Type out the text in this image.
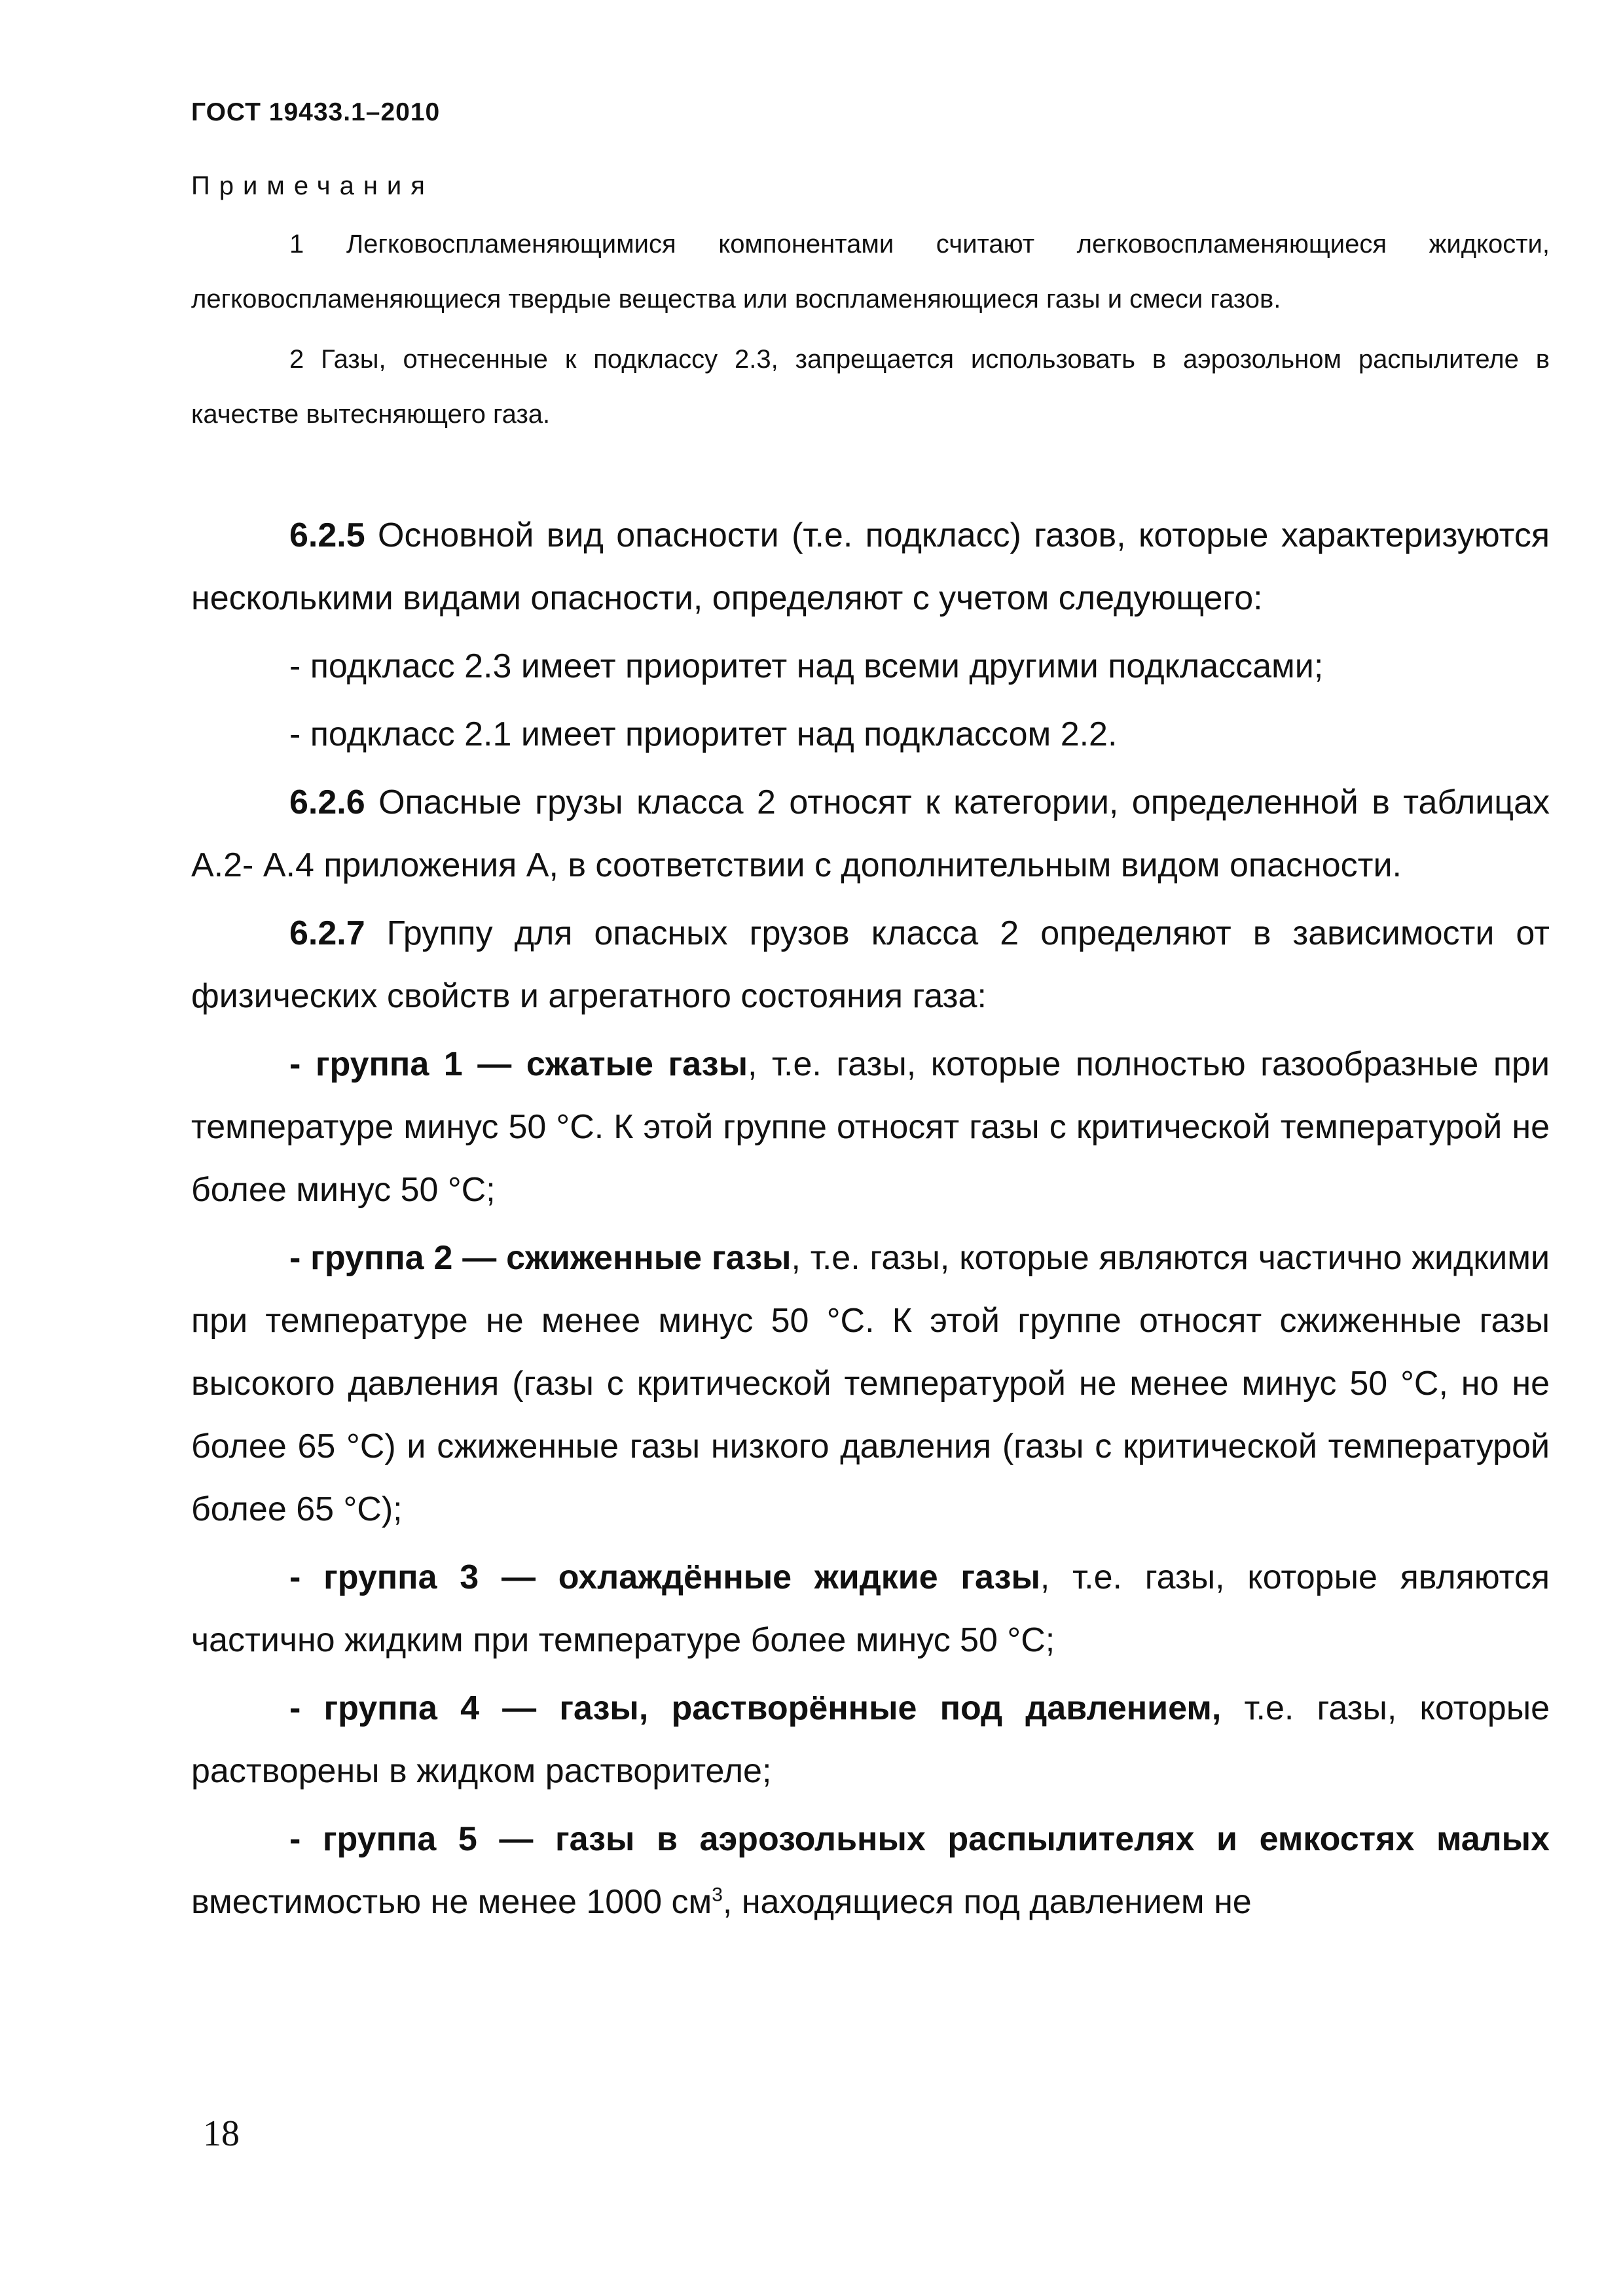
ГОСТ 19433.1–2010
Примечания

1 Легковоспламеняющимися компонентами считают легковоспламеняющиеся жидкости, легковоспламеняющиеся твердые вещества или воспламеняющиеся газы и смеси газов.

2 Газы, отнесенные к подклассу 2.3, запрещается использовать в аэрозольном распылителе в качестве вытесняющего газа.

6.2.5 Основной вид опасности (т.е. подкласс) газов, которые характеризуются несколькими видами опасности, определяют с учетом следующего:

- подкласс 2.3 имеет приоритет над всеми другими подклассами;

- подкласс 2.1 имеет приоритет над подклассом 2.2.

6.2.6 Опасные грузы класса 2 относят к категории, определенной в таблицах А.2- А.4 приложения А, в соответствии с дополнительным видом опасности.

6.2.7 Группу для опасных грузов класса 2 определяют в зависимости от физических свойств и агрегатного состояния газа:

- группа 1 — сжатые газы, т.е. газы, которые полностью газообразные при температуре минус 50 °С. К этой группе относят газы с критической температурой не более минус 50 °С;

- группа 2 — сжиженные газы, т.е. газы, которые являются частично жидкими при температуре не менее минус 50 °С. К этой группе относят сжиженные газы высокого давления (газы с критической температурой не менее минус 50 °С, но не более 65 °С) и сжиженные газы низкого давления (газы с критической температурой более 65 °С);

- группа 3 — охлаждённые жидкие газы, т.е. газы, которые являются частично жидким при температуре более минус 50 °С;

- группа 4 — газы, растворённые под давлением, т.е. газы, которые растворены в жидком растворителе;

- группа 5 — газы в аэрозольных распылителях и емкостях малых вместимостью не менее 1000 $см^3$, находящиеся под давлением не

18
